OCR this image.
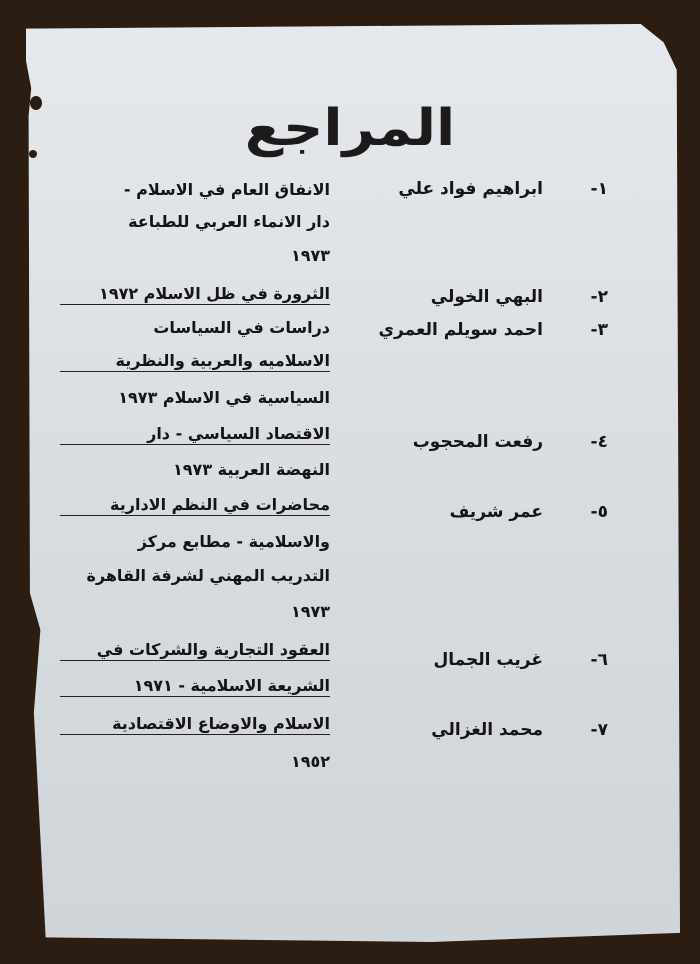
المراجع
١-
ابراهيم فواد علي
الانفاق العام في الاسلام -
دار الانماء العربي للطباعة
١٩٧٣
٢-
البهي الخولي
الثرورة في ظل الاسلام ١٩٧٢
٣-
احمد سويلم العمري
دراسات في السياسات
الاسلاميه والعربية والنظرية
السياسية في الاسلام ١٩٧٣
٤-
رفعت المحجوب
الاقتصاد السياسي - دار
النهضة العربية ١٩٧٣
٥-
عمر شريف
محاضرات في النظم الادارية
والاسلامية - مطابع مركز
التدريب المهني لشرفة القاهرة
١٩٧٣
٦-
غريب الجمال
العقود التجارية والشركات في
الشريعة الاسلامية - ١٩٧١
٧-
محمد الغزالي
الاسلام والاوضاع الاقتصادية
١٩٥٢
